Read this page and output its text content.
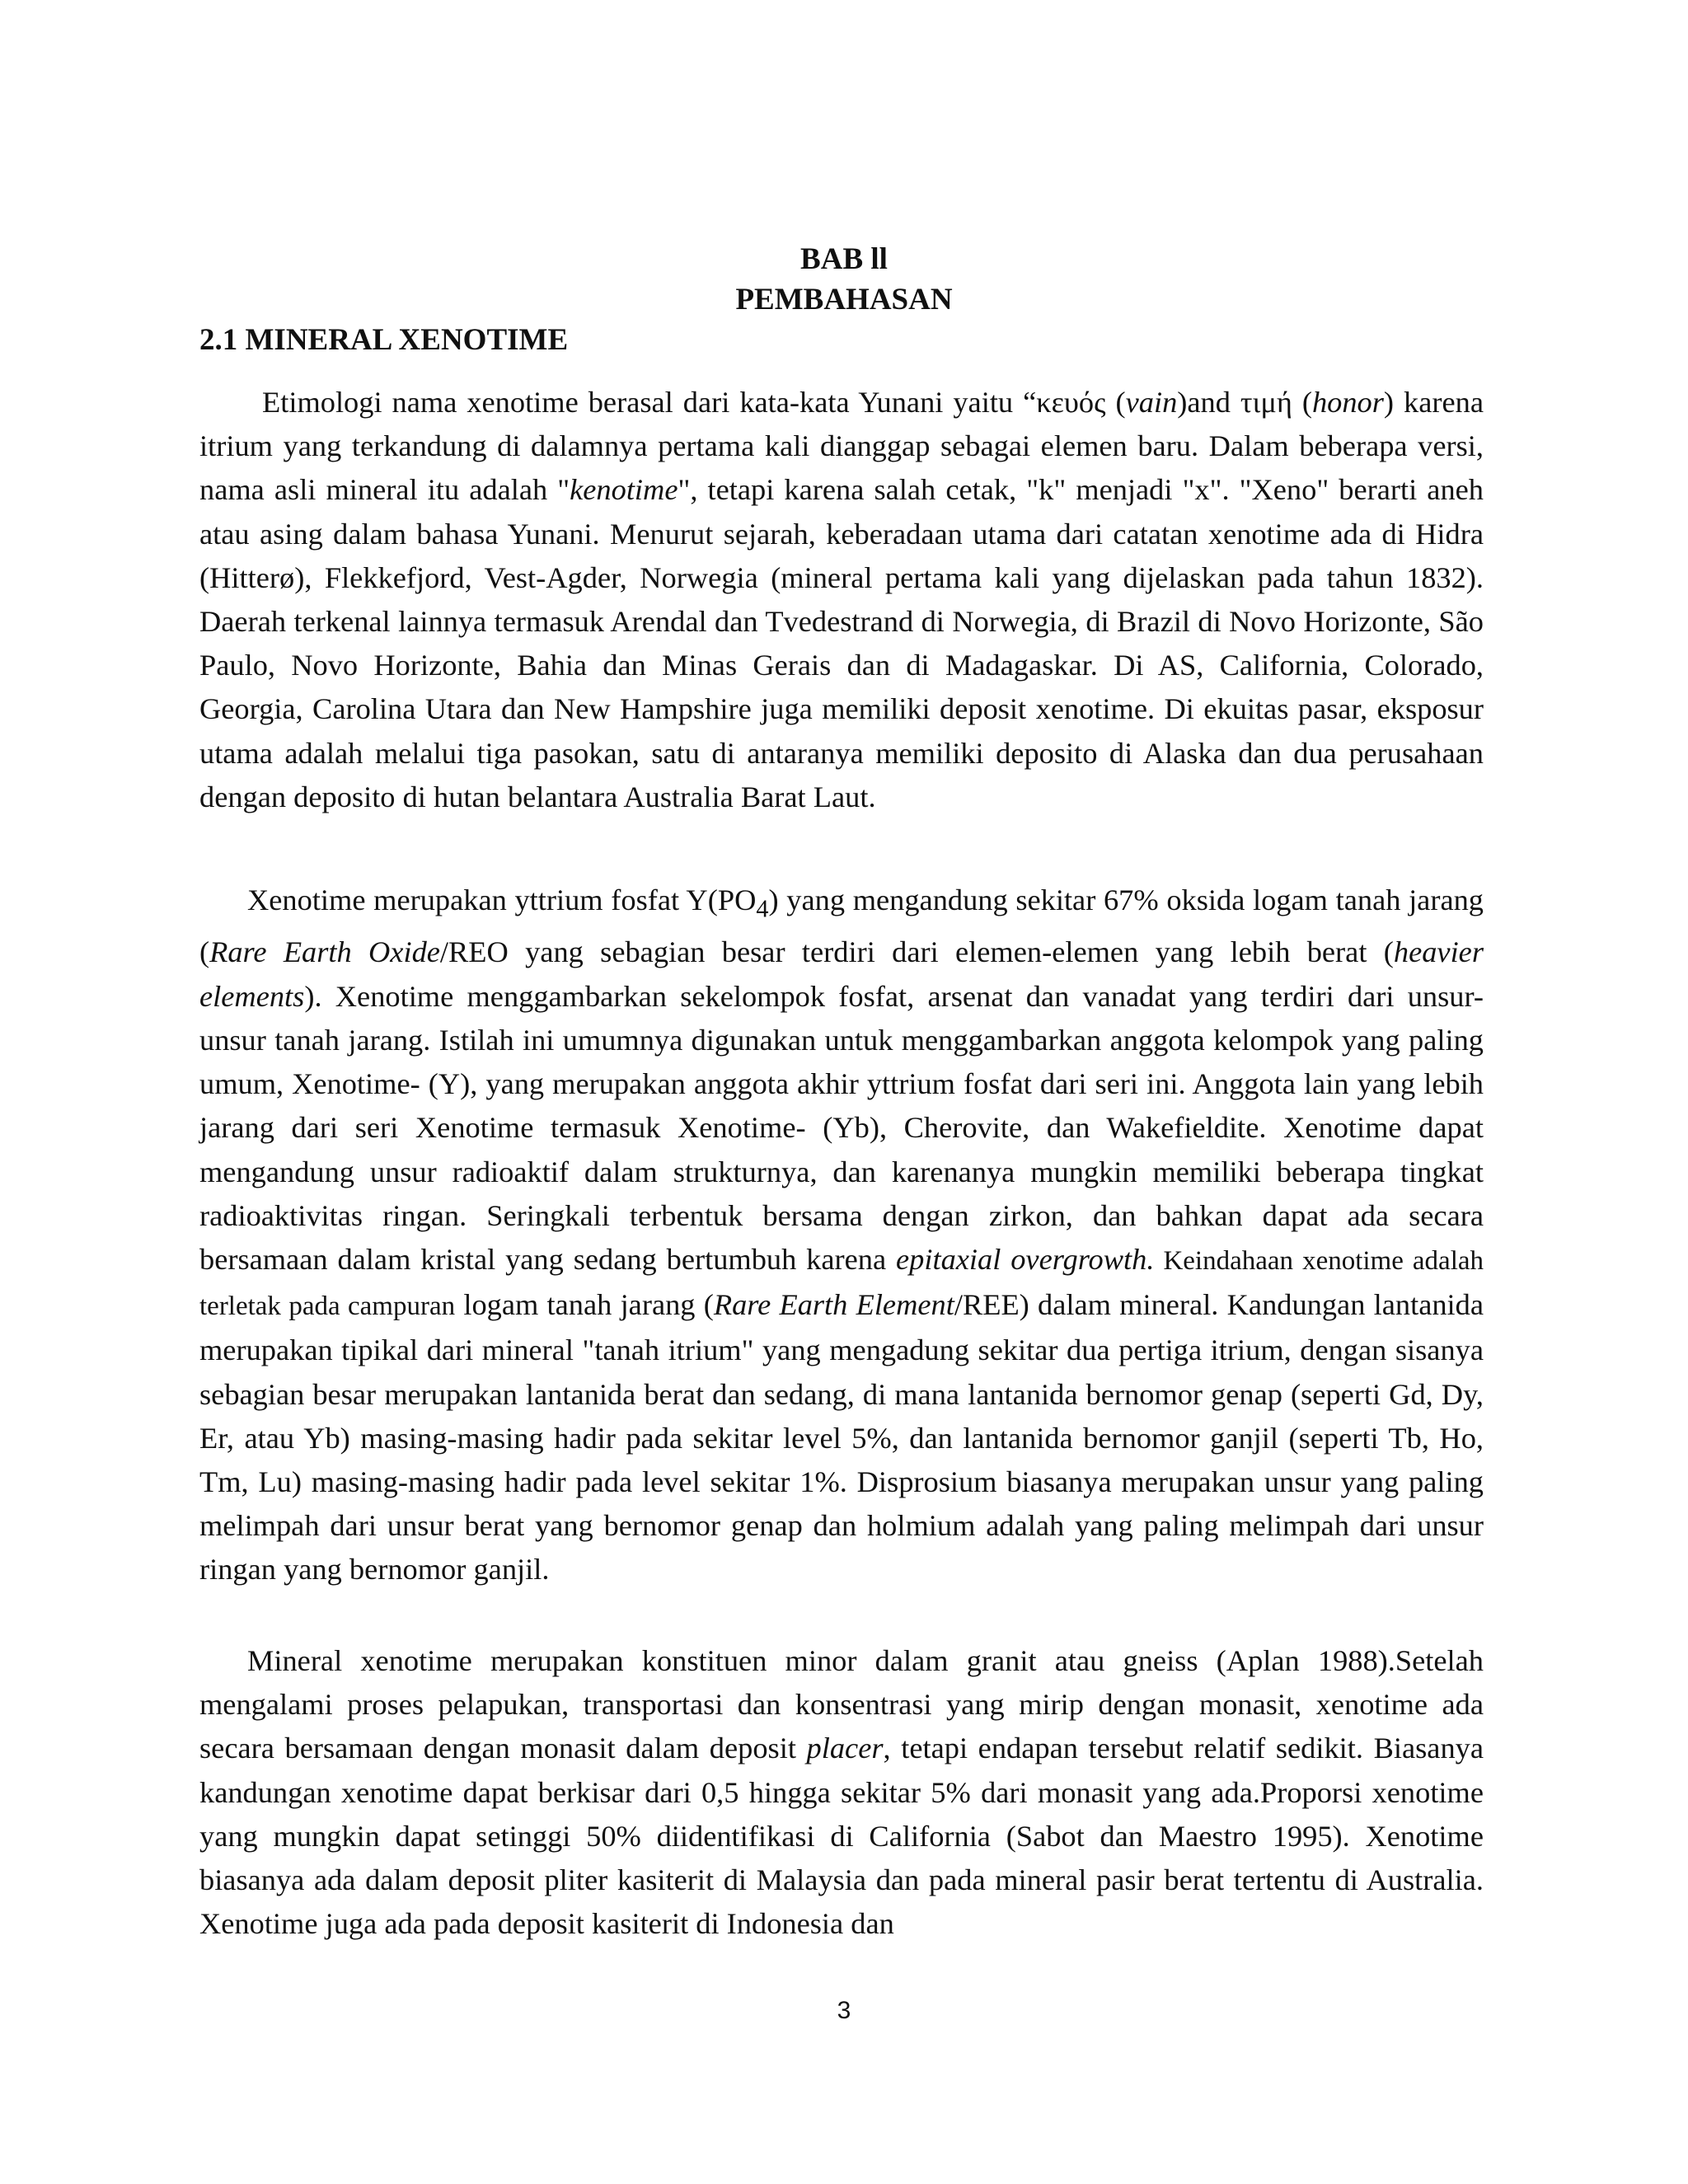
BAB ll
PEMBAHASAN
2.1 MINERAL XENOTIME

Etimologi nama xenotime berasal dari kata-kata Yunani yaitu “κευός (vain)and τιμή (honor) karena itrium yang terkandung di dalamnya pertama kali dianggap sebagai elemen baru. Dalam beberapa versi, nama asli mineral itu adalah "kenotime", tetapi karena salah cetak, "k" menjadi "x". "Xeno" berarti aneh atau asing dalam bahasa Yunani. Menurut sejarah, keberadaan utama dari catatan xenotime ada di Hidra (Hitterø), Flekkefjord, Vest-Agder, Norwegia (mineral pertama kali yang dijelaskan pada tahun 1832). Daerah terkenal lainnya termasuk Arendal dan Tvedestrand di Norwegia, di Brazil di Novo Horizonte, São Paulo, Novo Horizonte, Bahia dan Minas Gerais dan di Madagaskar. Di AS, California, Colorado, Georgia, Carolina Utara dan New Hampshire juga memiliki deposit xenotime. Di ekuitas pasar, eksposur utama adalah melalui tiga pasokan, satu di antaranya memiliki deposito di Alaska dan dua perusahaan dengan deposito di hutan belantara Australia Barat Laut.

Xenotime merupakan yttrium fosfat $Y(PO_4)$ yang mengandung sekitar 67% oksida logam tanah jarang (Rare Earth Oxide/REO yang sebagian besar terdiri dari elemen-elemen yang lebih berat (heavier elements). Xenotime menggambarkan sekelompok fosfat, arsenat dan vanadat yang terdiri dari unsur-unsur tanah jarang. Istilah ini umumnya digunakan untuk menggambarkan anggota kelompok yang paling umum, Xenotime- (Y), yang merupakan anggota akhir yttrium fosfat dari seri ini. Anggota lain yang lebih jarang dari seri Xenotime termasuk Xenotime- (Yb), Cherovite, dan Wakefieldite. Xenotime dapat mengandung unsur radioaktif dalam strukturnya, dan karenanya mungkin memiliki beberapa tingkat radioaktivitas ringan. Seringkali terbentuk bersama dengan zirkon, dan bahkan dapat ada secara bersamaan dalam kristal yang sedang bertumbuh karena epitaxial overgrowth. Keindahaan xenotime adalah terletak pada campuran logam tanah jarang (Rare Earth Element/REE) dalam mineral. Kandungan lantanida merupakan tipikal dari mineral "tanah itrium" yang mengadung sekitar dua pertiga itrium, dengan sisanya sebagian besar merupakan lantanida berat dan sedang, di mana lantanida bernomor genap (seperti Gd, Dy, Er, atau Yb) masing-masing hadir pada sekitar level 5%, dan lantanida bernomor ganjil (seperti Tb, Ho, Tm, Lu) masing-masing hadir pada level sekitar 1%. Disprosium biasanya merupakan unsur yang paling melimpah dari unsur berat yang bernomor genap dan holmium adalah yang paling melimpah dari unsur ringan yang bernomor ganjil.

Mineral xenotime merupakan konstituen minor dalam granit atau gneiss (Aplan 1988).Setelah mengalami proses pelapukan, transportasi dan konsentrasi yang mirip dengan monasit, xenotime ada secara bersamaan dengan monasit dalam deposit placer, tetapi endapan tersebut relatif sedikit. Biasanya kandungan xenotime dapat berkisar dari 0,5 hingga sekitar 5% dari monasit yang ada.Proporsi xenotime yang mungkin dapat setinggi 50% diidentifikasi di California (Sabot dan Maestro 1995). Xenotime biasanya ada dalam deposit pliter kasiterit di Malaysia dan pada mineral pasir berat tertentu di Australia. Xenotime juga ada pada deposit kasiterit di Indonesia dan

3
